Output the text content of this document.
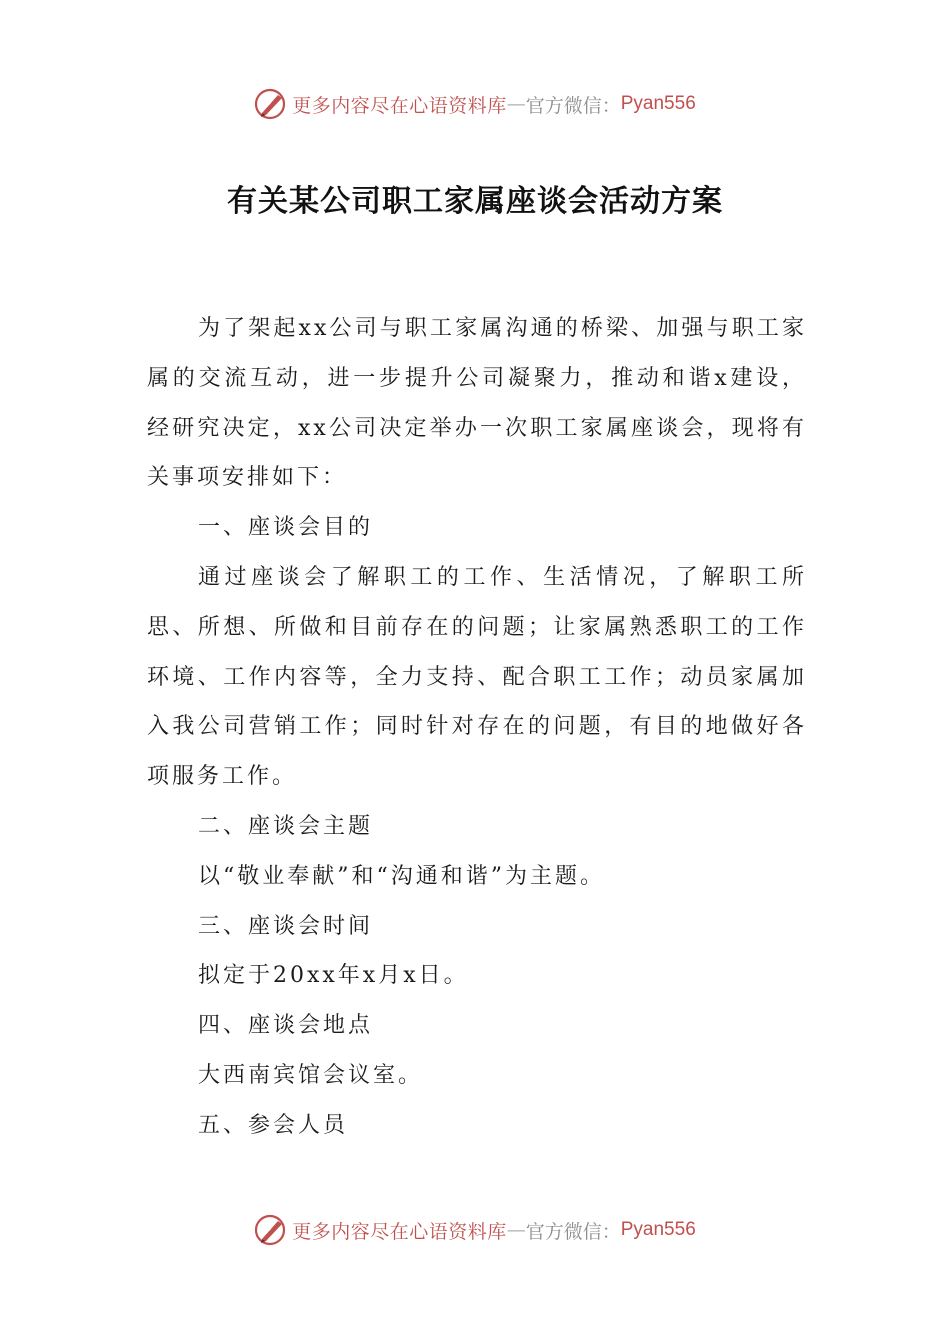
更多内容尽在心语资料库 — 官方微信： Pyan556
有关某公司职工家属座谈会活动方案

为了架起xx公司与职工家属沟通的桥梁、加强与职工家属的交流互动，进一步提升公司凝聚力，推动和谐x建设，经研究决定，xx公司决定举办一次职工家属座谈会，现将有关事项安排如下：

一、座谈会目的

通过座谈会了解职工的工作、生活情况，了解职工所思、所想、所做和目前存在的问题；让家属熟悉职工的工作环境、工作内容等，全力支持、配合职工工作；动员家属加入我公司营销工作；同时针对存在的问题，有目的地做好各项服务工作。

二、座谈会主题

以“敬业奉献”和“沟通和谐”为主题。

三、座谈会时间

拟定于20xx年x月x日。

四、座谈会地点

大西南宾馆会议室。

五、参会人员

更多内容尽在心语资料库 — 官方微信： Pyan556
